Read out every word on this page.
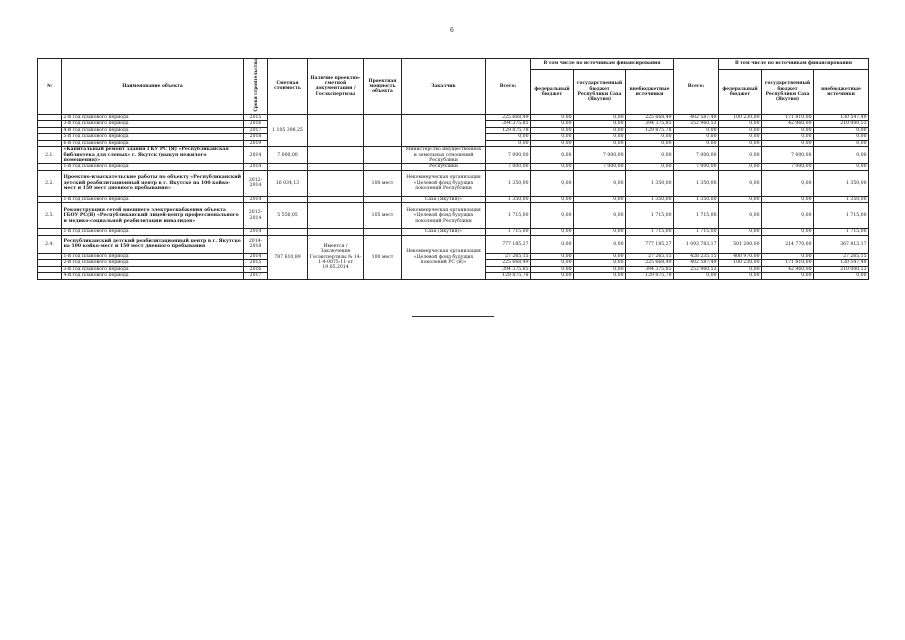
6
№	Наименование объекта	Сроки строительства	Сметная стоимость	Наличие проектно-сметной документации / Госэкспертизы	Проектная мощность объекта	Заказчик	Всего:	В том числе по источникам финансирования			Всего:	В том числе по источникам финансирования		
								федеральный бюджет	государственный бюджет Республики Саха (Якутия)	внебюджетные источники		федеральный бюджет	государственный бюджет Республики Саха (Якутия)	внебюджетные источники
	2-й год планового периода	2015	1 105 398,25				225 668,49	0,00	0,00	225 668,49	402 587,49	100 230,00	171 810,00	130 547,49
	3-й год планового периода	2016					394 375,85	0,00	0,00	394 375,85	252 960,53	0,00	42 960,00	210 000,53
	4-й год планового периода	2017					129 875,78	0,00	0,00	129 875,78	0,00	0,00	0,00	0,00
	5-й год планового периода	2018					0,00	0,00	0,00	0,00	0,00	0,00	0,00	0,00
	6-й год планового периода	2019					0,00	0,00	0,00	0,00	0,00	0,00	0,00	0,00
2.1.	«Капитальный ремонт здания ГКУ РС (Я) «Республиканская библиотека для слепых» г. Якутск (выкуп нежилого помещения)»	2014	7 000,00			Министерство имущественных и земельных отношений Республики	7 000,00	0,00	7 000,00	0,00	7 000,00	0,00	7 000,00	0,00
	1-й год планового периода	2014				Республики	7 000,00	0,00	7 000,00	0,00	7 000,00	0,00	7 000,00	0,00
2.2.	Проектно-изыскательские работы по объекту «Республиканский детский реабилитационный центр в г. Якутске на 100 койко-мест и 150 мест дневного пребывания»	2012-2014	16 034,13		100 мест	Некоммерческая организация «Целевой фонд будущих поколений Республики	1 350,00	0,00	0,00	1 350,00	1 350,00	0,00	0,00	1 350,00
	1-й год планового периода	2014				Саха (Якутия)»	1 350,00	0,00	0,00	1 350,00	1 350,00	0,00	0,00	1 350,00
2.3.	Реконструкция сетей внешнего электроснабжения объекта ГБОУ РС(Я) «Республиканский лицей-центр профессионального и медико-социальной реабилитации инвалидов»	2013-2014	5 556,05		105 мест	Некоммерческая организация «Целевой фонд будущих поколений Республики	1 715,00	0,00	0,00	1 715,00	1 715,00	0,00	0,00	1 715,00
	1-й год планового периода	2014				Саха (Якутия)»	1 715,00	0,00	0,00	1 715,00	1 715,00	0,00	0,00	1 715,00
2.4.	Республиканский детский реабилитационный центр в г. Якутске на 100 койко-мест и 150 мест дневного пребывания	2014-2018	787 610,89	Имеется / Заключение Госэкспертизы № 14-1-4-0075-11 от 19.05.2014	100 мест	Некоммерческая организация «Целевой фонд будущих поколений РС (Я)»	777 185,27	0,00	0,00	777 185,27	1 093 783,17	501 200,00	214 770,00	367 813,17
	1-й год планового периода	2014					27 265,15	0,00	0,00	27 265,15	428 235,15	400 970,00	0,00	27 265,15
	2-й год планового периода	2015					225 668,49	0,00	0,00	225 668,49	402 587,49	100 230,00	171 810,00	130 547,49
	3-й год планового периода	2016					394 375,85	0,00	0,00	394 375,85	252 960,53	0,00	42 960,00	210 000,53
	4-й год планового периода	2017					129 875,78	0,00	0,00	129 875,78	0,00	0,00	0,00	0,00
